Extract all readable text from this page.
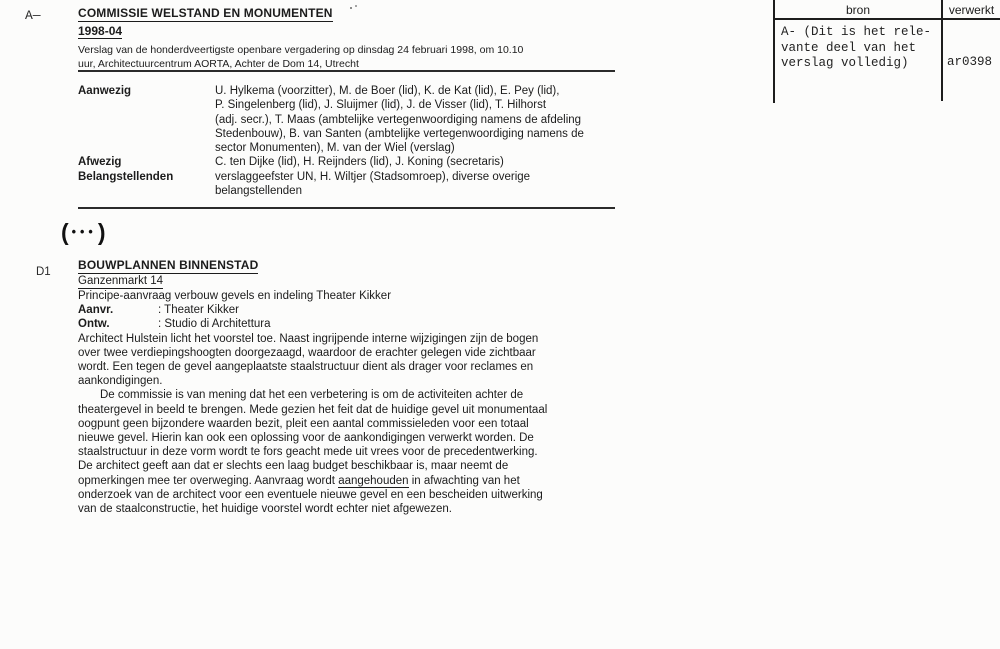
A—
D1
COMMISSIE WELSTAND EN MONUMENTEN
1998-04
Verslag van de honderdveertigste openbare vergadering op dinsdag 24 februari 1998, om 10.10
uur, Architectuurcentrum AORTA, Achter de Dom 14, Utrecht
Aanwezig	U. Hylkema (voorzitter), M. de Boer (lid), K. de Kat (lid), E. Pey (lid),
P. Singelenberg (lid), J. Sluijmer (lid), J. de Visser (lid), T. Hilhorst
(adj. secr.), T. Maas (ambtelijke vertegenwoordiging namens de afdeling
Stedenbouw), B. van Santen (ambtelijke vertegenwoordiging namens de
sector Monumenten), M. van der Wiel (verslag)
Afwezig	C. ten Dijke (lid), H. Reijnders (lid), J. Koning (secretaris)
Belangstellenden	verslaggeefster UN, H. Wiltjer (Stadsomroep), diverse overige
belangstellenden
( •••)
BOUWPLANNEN BINNENSTAD
Ganzenmarkt 14
Principe-aanvraag verbouw gevels en indeling Theater Kikker
Aanvr.	: Theater Kikker
Ontw.	: Studio di Architettura
Architect Hulstein licht het voorstel toe. Naast ingrijpende interne wijzigingen zijn de bogen
over twee verdiepingshoogten doorgezaagd, waardoor de erachter gelegen vide zichtbaar
wordt. Een tegen de gevel aangeplaatste staalstructuur dient als drager voor reclames en
aankondigingen.
De commissie is van mening dat het een verbetering is om de activiteiten achter de
theatergevel in beeld te brengen. Mede gezien het feit dat de huidige gevel uit monumentaal
oogpunt geen bijzondere waarden bezit, pleit een aantal commissieleden voor een totaal
nieuwe gevel. Hierin kan ook een oplossing voor de aankondigingen verwerkt worden. De
staalstructuur in deze vorm wordt te fors geacht mede uit vrees voor de precedentwerking.
De architect geeft aan dat er slechts een laag budget beschikbaar is, maar neemt de
opmerkingen mee ter overweging. Aanvraag wordt aangehouden in afwachting van het
onderzoek van de architect voor een eventuele nieuwe gevel en een bescheiden uitwerking
van de staalconstructie, het huidige voorstel wordt echter niet afgewezen.
bron	verwerkt
A- (Dit is het rele-
vante deel van het
verslag volledig)	ar0398
